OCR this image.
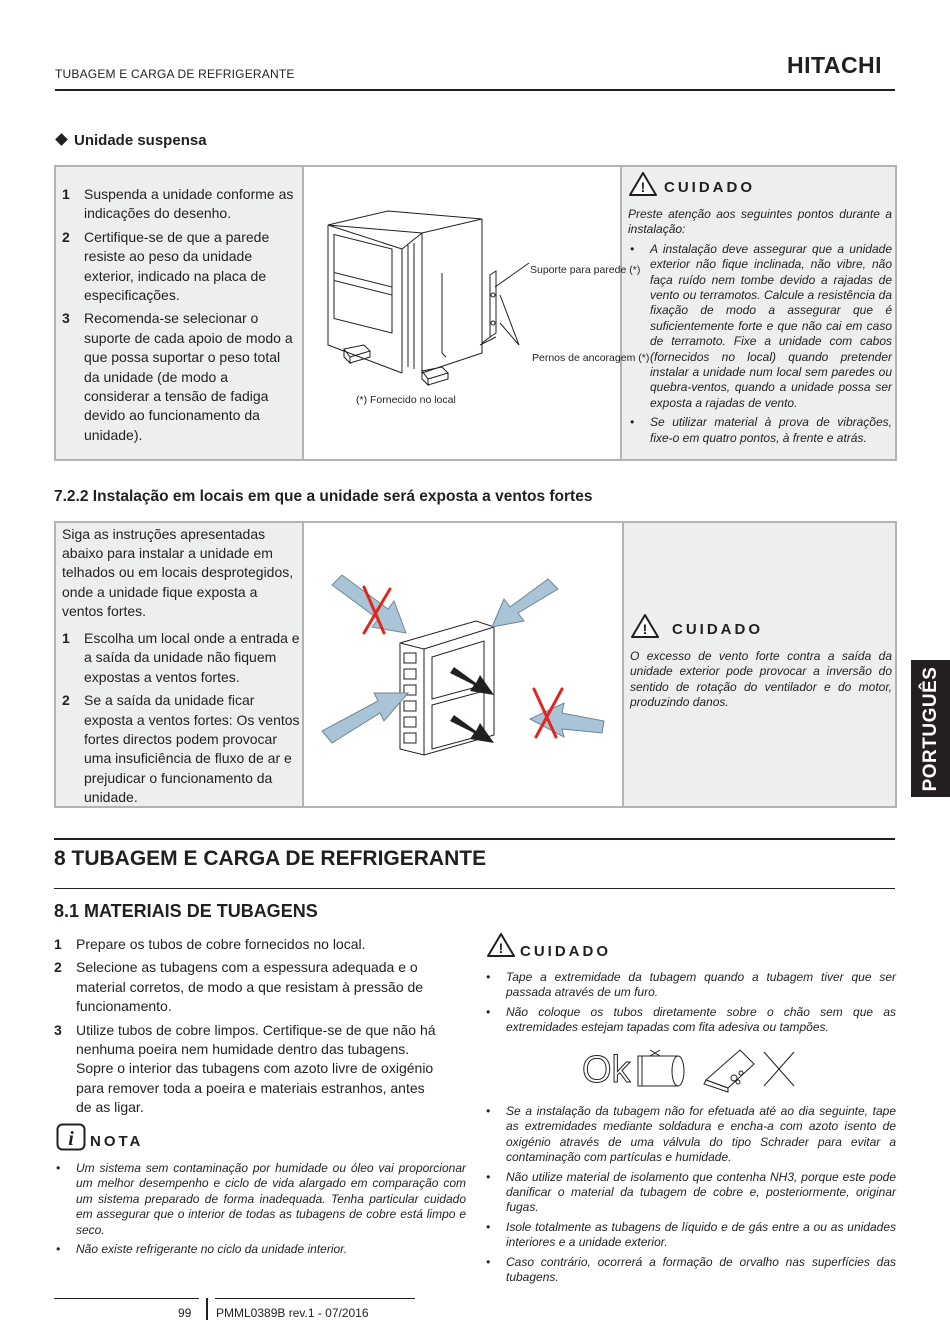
TUBAGEM E CARGA DE REFRIGERANTE	HITACHI
Unidade suspensa
1 Suspenda a unidade conforme as indicações do desenho.
2 Certifique-se de que a parede resiste ao peso da unidade exterior, indicado na placa de especificações.
3 Recomenda-se selecionar o suporte de cada apoio de modo a que possa suportar o peso total da unidade (de modo a considerar a tensão de fadiga devido ao funcionamento da unidade).
Suporte para parede (*)
Pernos de ancoragem (*)
(*) Fornecido no local
! CUIDADO
Preste atenção aos seguintes pontos durante a instalação:
• A instalação deve assegurar que a unidade exterior não fique inclinada, não vibre, não faça ruído nem tombe devido a rajadas de vento ou terramotos. Calcule a resistência da fixação de modo a assegurar que é suficientemente forte e que não cai em caso de terramoto. Fixe a unidade com cabos (fornecidos no local) quando pretender instalar a unidade num local sem paredes ou quebra-ventos, quando a unidade possa ser exposta a rajadas de vento.
• Se utilizar material à prova de vibrações, fixe-o em quatro pontos, à frente e atrás.
7.2.2 Instalação em locais em que a unidade será exposta a ventos fortes
Siga as instruções apresentadas abaixo para instalar a unidade em telhados ou em locais desprotegidos, onde a unidade fique exposta a ventos fortes.
1 Escolha um local onde a entrada e a saída da unidade não fiquem expostas a ventos fortes.
2 Se a saída da unidade ficar exposta a ventos fortes: Os ventos fortes directos podem provocar uma insuficiência de fluxo de ar e prejudicar o funcionamento da unidade.
! CUIDADO
O excesso de vento forte contra a saída da unidade exterior pode provocar a inversão do sentido de rotação do ventilador e do motor, produzindo danos.	PORTUGUÊS
8 TUBAGEM E CARGA DE REFRIGERANTE
8.1 MATERIAIS DE TUBAGENS
1 Prepare os tubos de cobre fornecidos no local.
2 Selecione as tubagens com a espessura adequada e o material corretos, de modo a que resistam à pressão de funcionamento.
3 Utilize tubos de cobre limpos. Certifique-se de que não há nenhuma poeira nem humidade dentro das tubagens. Sopre o interior das tubagens com azoto livre de oxigénio para remover toda a poeira e materiais estranhos, antes de as ligar.
i NOTA
• Um sistema sem contaminação por humidade ou óleo vai proporcionar um melhor desempenho e ciclo de vida alargado em comparação com um sistema preparado de forma inadequada. Tenha particular cuidado em assegurar que o interior de todas as tubagens de cobre está limpo e seco.
• Não existe refrigerante no ciclo da unidade interior.
! CUIDADO
• Tape a extremidade da tubagem quando a tubagem tiver que ser passada através de um furo.
• Não coloque os tubos diretamente sobre o chão sem que as extremidades estejam tapadas com fita adesiva ou tampões.
Ok
• Se a instalação da tubagem não for efetuada até ao dia seguinte, tape as extremidades mediante soldadura e encha-a com azoto isento de oxigénio através de uma válvula do tipo Schrader para evitar a contaminação com partículas e humidade.
• Não utilize material de isolamento que contenha NH3, porque este pode danificar o material da tubagem de cobre e, posteriormente, originar fugas.
• Isole totalmente as tubagens de líquido e de gás entre a ou as unidades interiores e a unidade exterior.
• Caso contrário, ocorrerá a formação de orvalho nas superfícies das tubagens.
99 PMML0389B rev.1 - 07/2016
